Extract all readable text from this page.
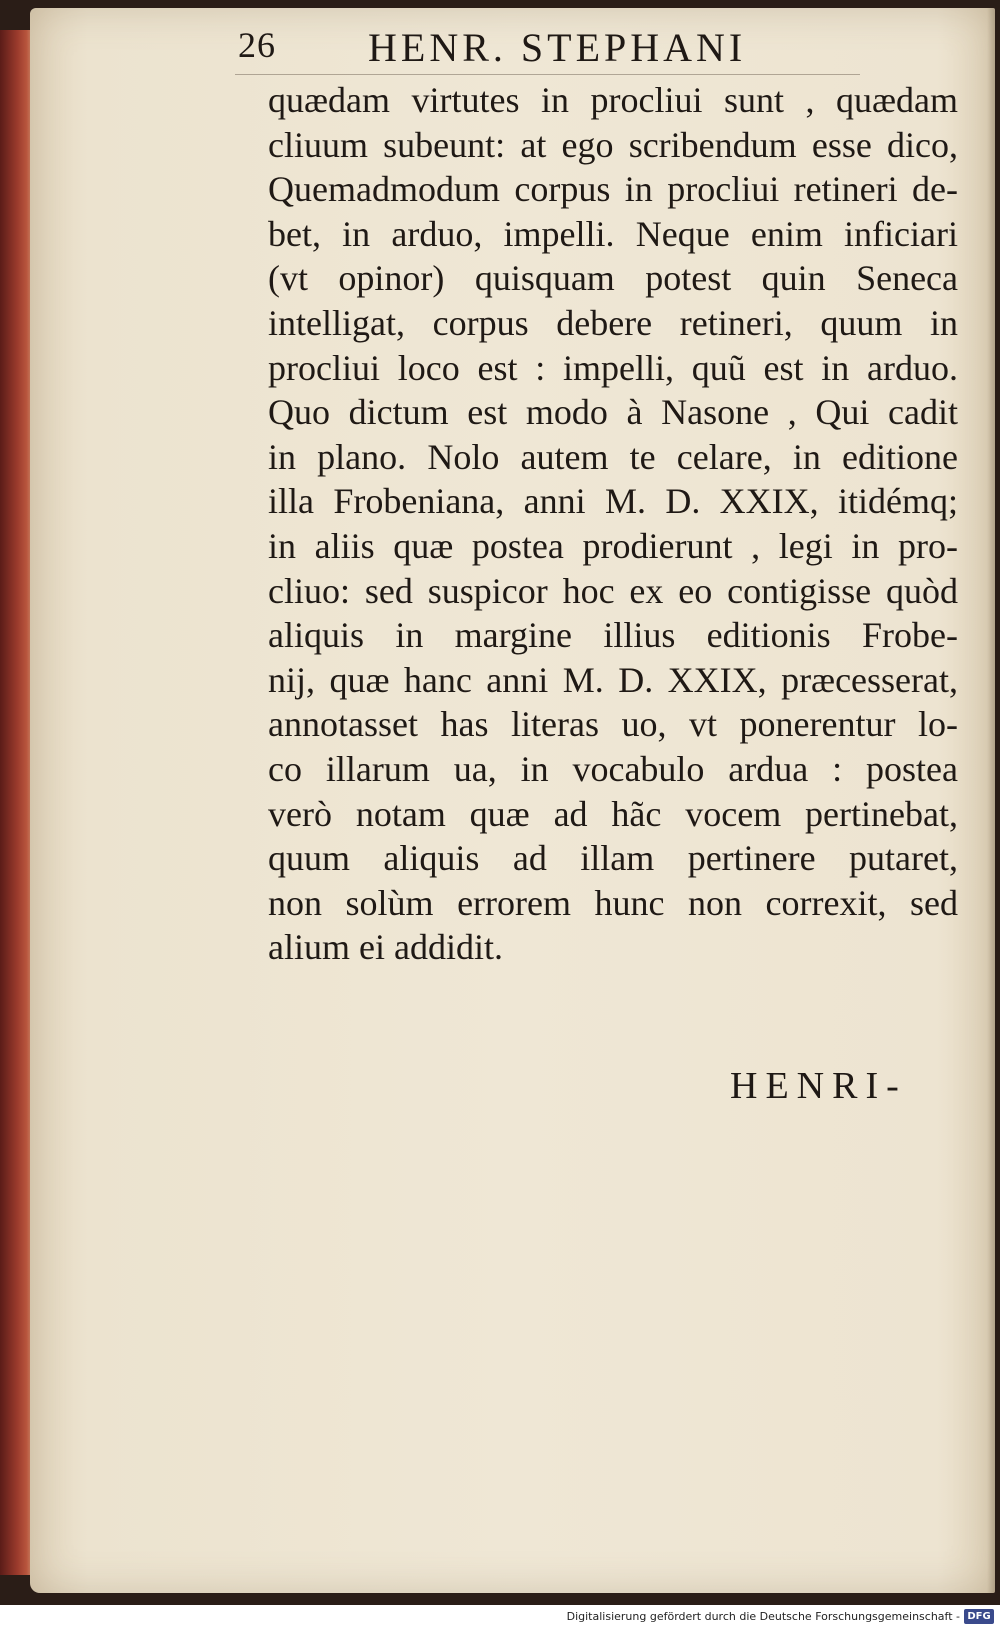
26 HENR. STEPHANI
quædam virtutes in procliui sunt , quædam
cliuum subeunt: at ego scribendum esse dico,
Quemadmodum corpus in procliui retineri de-
bet, in arduo, impelli. Neque enim inficiari
(vt opinor) quisquam potest quin Seneca
intelligat, corpus debere retineri, quum in
procliui loco est : impelli, quũ est in arduo.
Quo dictum est modo à Nasone , Qui cadit
in plano. Nolo autem te celare, in editione
illa Frobeniana, anni M. D. XXIX, itidémq;
in aliis quæ postea prodierunt , legi in pro-
cliuo: sed suspicor hoc ex eo contigisse quòd
aliquis in margine illius editionis Frobe-
nij, quæ hanc anni M. D. XXIX, præcesserat,
annotasset has literas uo, vt ponerentur lo-
co illarum ua, in vocabulo ardua : postea
verò notam quæ ad hãc vocem pertinebat,
quum aliquis ad illam pertinere putaret,
non solùm errorem hunc non correxit, sed
alium ei addidit.
HENRI-
Digitalisierung gefördert durch die Deutsche Forschungsgemeinschaft - DFG
